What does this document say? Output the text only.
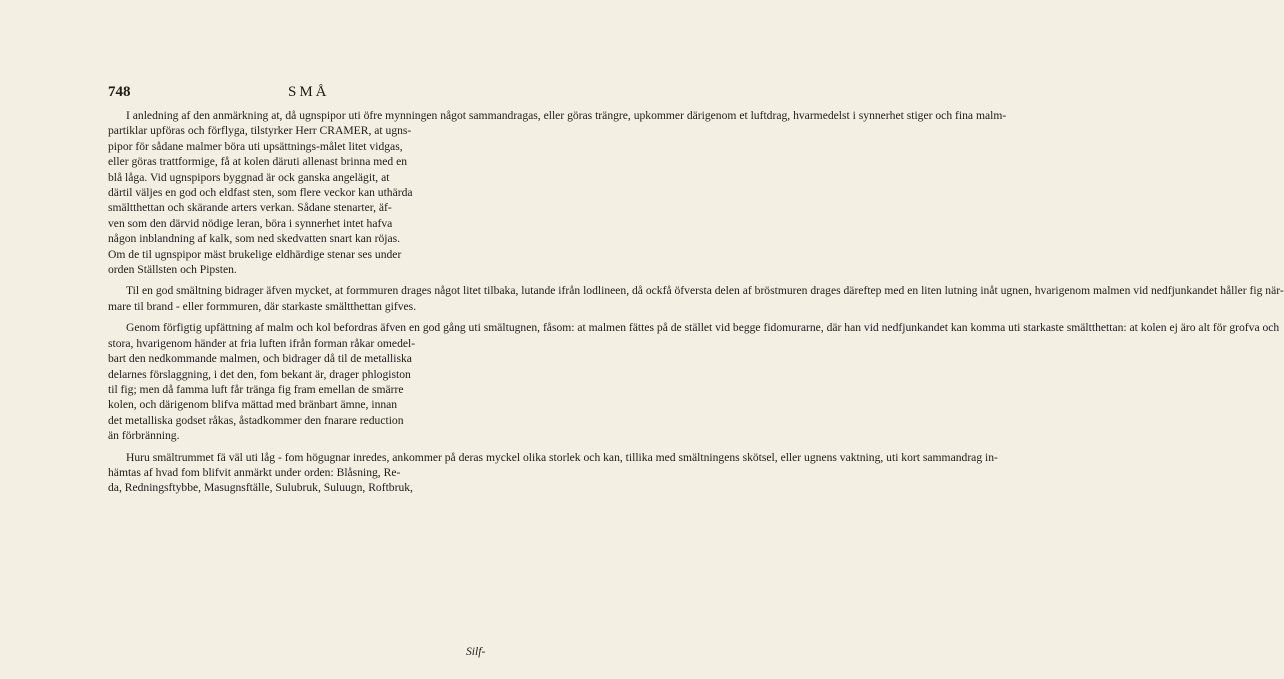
748	SMÅ

I anledning af den anmärkning at, då ugnspipor uti öfre mynningen något sammandragas, eller göras trängre, upkommer därigenom et luftdrag, hvarmedelst i synnerhet stiger och fina malm-
partiklar upföras och förflyga, tilstyrker Herr CRAMER, at ugns-
pipor för sådane malmer böra uti upsättnings-målet litet vidgas,
eller göras trattformige, få at kolen däruti allenast brinna med en
blå låga. Vid ugnspipors byggnad är ock ganska angelägit, at
därtil väljes en god och eldfast sten, som flere veckor kan uthärda
smältthettan och skärande arters verkan. Sådane stenarter, äf-
ven som den därvid nödige leran, böra i synnerhet intet hafva
någon inblandning af kalk, som ned skedvatten snart kan röjas.
Om de til ugnspipor mäst brukelige eldhärdige stenar ses under
orden Ställsten och Pipsten.

Til en god smältning bidrager äfven mycket, at formmuren drages något litet tilbaka, lutande ifrån lodlineen, då ockfå öfversta delen af bröstmuren drages däreftер med en liten lutning inåt ugnen, hvarigenom malmen vid nedfjunkandet håller fig när-
mare til brand - eller formmuren, där starkaste smältthettan gifves.

Genom förfigtig upfättning af malm och kol befordras äfven en god gång uti smältugnen, fåsom: at malmen fättes på de stället vid begge fidomurarne, där han vid nedfjunkandet kan komma uti starkaste smältthettan: at kolen ej äro alt för grofva och
stora, hvarigenom händer at fria luften ifrån forman råkar omedel-
bart den nedkommande malmen, och bidrager då til de metalliska
delarnes förslaggning, i det den, fom bekant är, drager phlogiston
til fig; men då famma luft får tränga fig fram emellan de smärre
kolen, och därigenom blifva mättad med bränbart ämne, innan
det metalliska godset råkas, åstadkommer den fnarare reduction
än förbränning.

Huru smältrummet fä väl uti låg - fom högugnar inredes, ankommer på deras myckel olika storlek och kan, tillika med smältningens skötsel, eller ugnens vaktning, uti kort sammandrag in-
hämtas af hvad fom blifvit anmärkt under orden: Blåsning, Re-
da, Redningsftybbe, Masugnsftälle, Sulubruk, Suluugn, Roftbruk,

Silf-
